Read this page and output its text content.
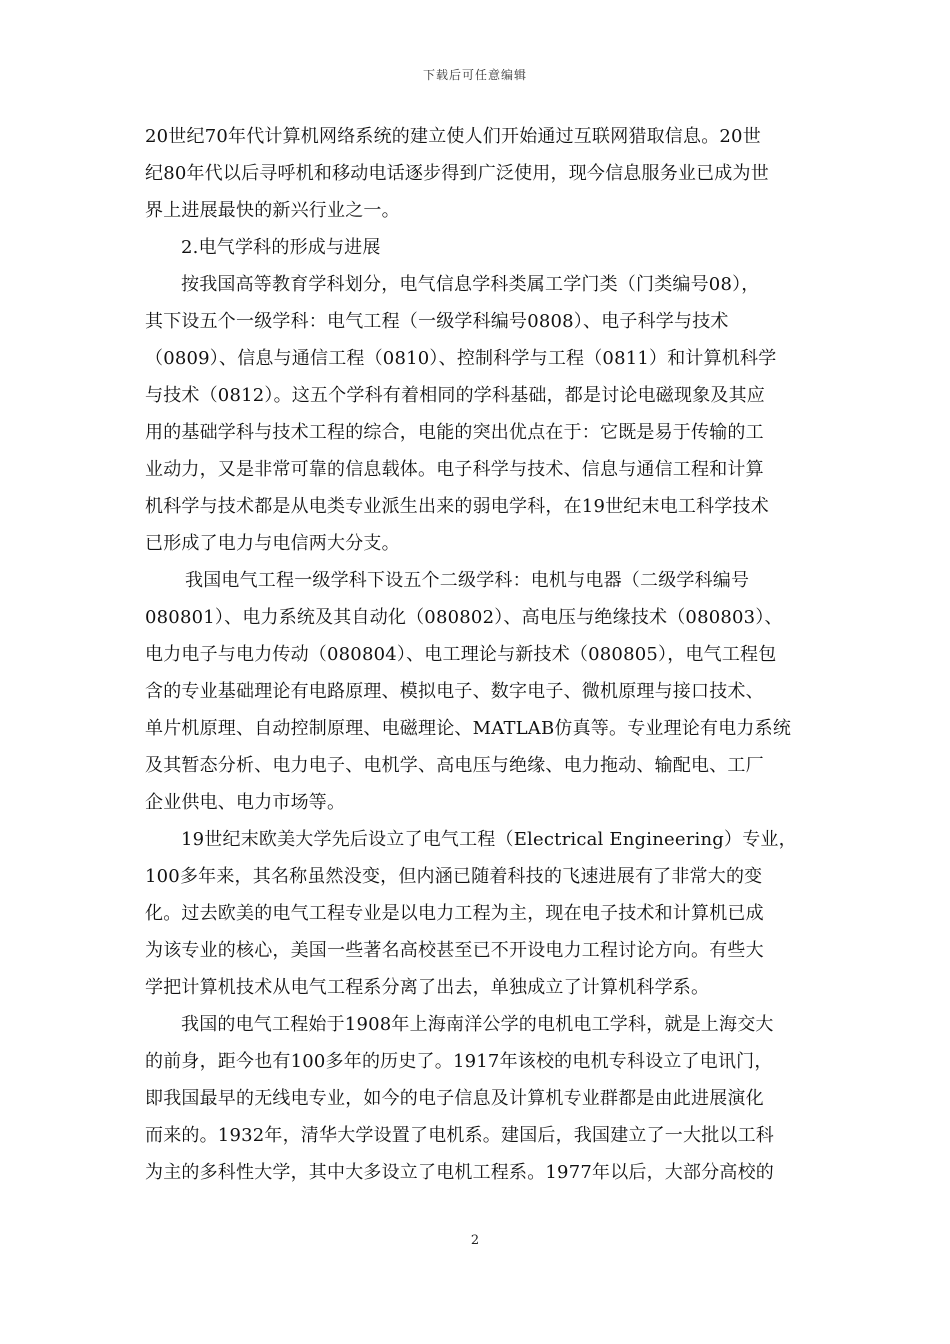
下载后可任意编辑
20世纪70年代计算机网络系统的建立使人们开始通过互联网猎取信息。20世
纪80年代以后寻呼机和移动电话逐步得到广泛使用，现今信息服务业已成为世
界上进展最快的新兴行业之一。
2.电气学科的形成与进展
按我国高等教育学科划分，电气信息学科类属工学门类（门类编号08），
其下设五个一级学科：电气工程（一级学科编号0808）、电子科学与技术
（0809）、信息与通信工程（0810）、控制科学与工程（0811）和计算机科学
与技术（0812）。这五个学科有着相同的学科基础，都是讨论电磁现象及其应
用的基础学科与技术工程的综合，电能的突出优点在于：它既是易于传输的工
业动力，又是非常可靠的信息载体。电子科学与技术、信息与通信工程和计算
机科学与技术都是从电类专业派生出来的弱电学科，在19世纪末电工科学技术
已形成了电力与电信两大分支。
我国电气工程一级学科下设五个二级学科：电机与电器（二级学科编号
080801）、电力系统及其自动化（080802）、高电压与绝缘技术（080803）、
电力电子与电力传动（080804）、电工理论与新技术（080805），电气工程包
含的专业基础理论有电路原理、模拟电子、数字电子、微机原理与接口技术、
单片机原理、自动控制原理、电磁理论、MATLAB仿真等。专业理论有电力系统
及其暂态分析、电力电子、电机学、高电压与绝缘、电力拖动、输配电、工厂
企业供电、电力市场等。
19世纪末欧美大学先后设立了电气工程（Electrical Engineering）专业，
100多年来，其名称虽然没变，但内涵已随着科技的飞速进展有了非常大的变
化。过去欧美的电气工程专业是以电力工程为主，现在电子技术和计算机已成
为该专业的核心，美国一些著名高校甚至已不开设电力工程讨论方向。有些大
学把计算机技术从电气工程系分离了出去，单独成立了计算机科学系。
我国的电气工程始于1908年上海南洋公学的电机电工学科，就是上海交大
的前身，距今也有100多年的历史了。1917年该校的电机专科设立了电讯门，
即我国最早的无线电专业，如今的电子信息及计算机专业群都是由此进展演化
而来的。1932年，清华大学设置了电机系。建国后，我国建立了一大批以工科
为主的多科性大学，其中大多设立了电机工程系。1977年以后，大部分高校的
2
